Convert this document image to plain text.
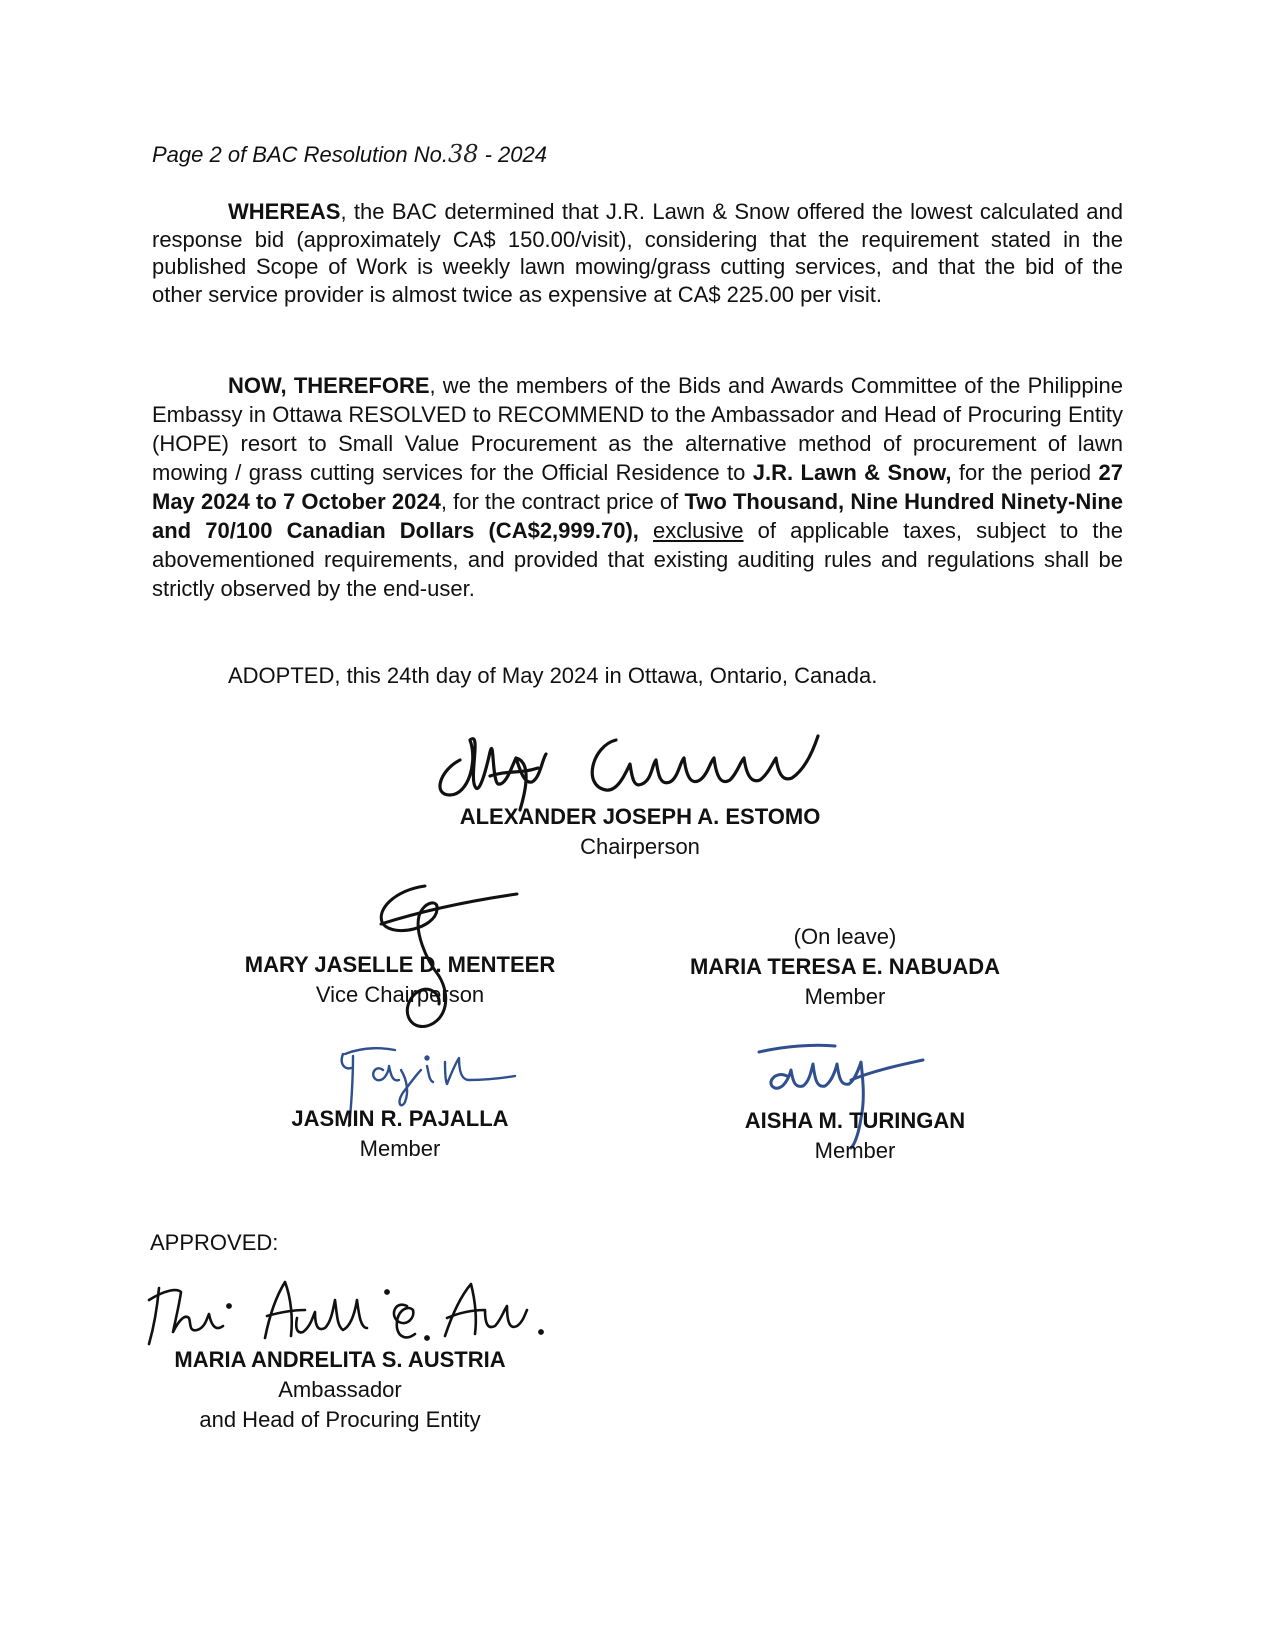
Page 2 of BAC Resolution No.38 - 2024
WHEREAS, the BAC determined that J.R. Lawn & Snow offered the lowest calculated and response bid (approximately CA$ 150.00/visit), considering that the requirement stated in the published Scope of Work is weekly lawn mowing/grass cutting services, and that the bid of the other service provider is almost twice as expensive at CA$ 225.00 per visit.
NOW, THEREFORE, we the members of the Bids and Awards Committee of the Philippine Embassy in Ottawa RESOLVED to RECOMMEND to the Ambassador and Head of Procuring Entity (HOPE) resort to Small Value Procurement as the alternative method of procurement of lawn mowing / grass cutting services for the Official Residence to J.R. Lawn & Snow, for the period 27 May 2024 to 7 October 2024, for the contract price of Two Thousand, Nine Hundred Ninety-Nine and 70/100 Canadian Dollars (CA$2,999.70), exclusive of applicable taxes, subject to the abovementioned requirements, and provided that existing auditing rules and regulations shall be strictly observed by the end-user.
ADOPTED, this 24th day of May 2024 in Ottawa, Ontario, Canada.
ALEXANDER JOSEPH A. ESTOMO
Chairperson
MARY JASELLE D. MENTEER
Vice Chairperson
(On leave)
MARIA TERESA E. NABUADA
Member
JASMIN R. PAJALLA
Member
AISHA M. TURINGAN
Member
APPROVED:
MARIA ANDRELITA S. AUSTRIA
Ambassador
and Head of Procuring Entity
